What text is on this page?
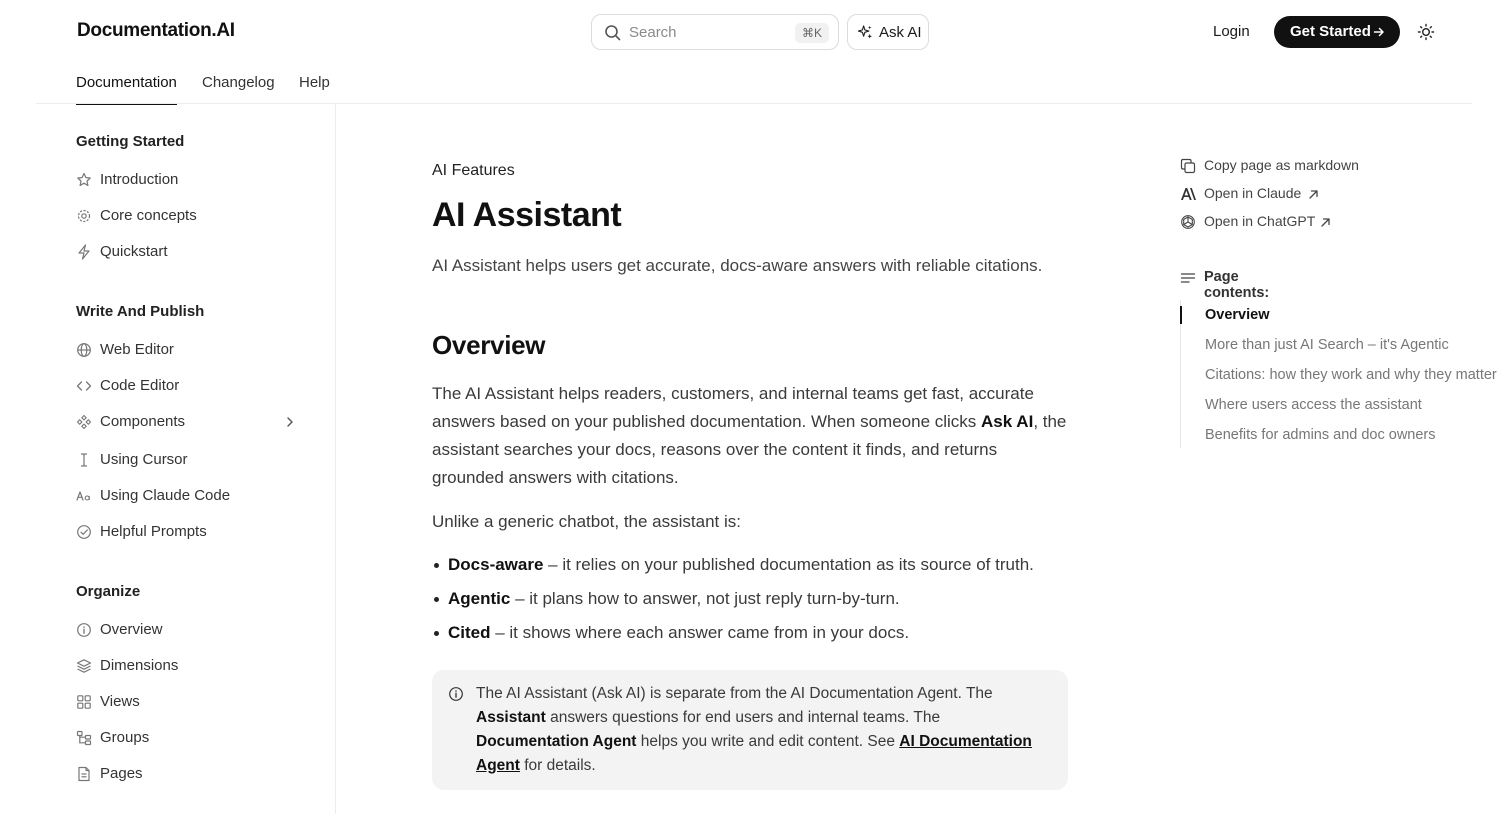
Documentation.AI	Search	⌘K	Ask AI	Login	Get Started
Documentation Changelog Help
Getting Started
Introduction
Core concepts
Quickstart
Write And Publish
Web Editor
Code Editor
Components
Using Cursor
Using Claude Code
Helpful Prompts
Organize
Overview
Dimensions
Views
Groups
Pages
AI Features
AI Assistant
AI Assistant helps users get accurate, docs-aware answers with reliable citations.
Overview
The AI Assistant helps readers, customers, and internal teams get fast, accurate answers based on your published documentation. When someone clicks Ask AI, the assistant searches your docs, reasons over the content it finds, and returns grounded answers with citations.
Unlike a generic chatbot, the assistant is:
Docs-aware – it relies on your published documentation as its source of truth.
Agentic – it plans how to answer, not just reply turn-by-turn.
Cited – it shows where each answer came from in your docs.
The AI Assistant (Ask AI) is separate from the AI Documentation Agent. The Assistant answers questions for end users and internal teams. The Documentation Agent helps you write and edit content. See AI Documentation Agent for details.
Copy page as markdown
Open in Claude
Open in ChatGPT
Page contents:
Overview
More than just AI Search – it's Agentic
Citations: how they work and why they matter
Where users access the assistant
Benefits for admins and doc owners
